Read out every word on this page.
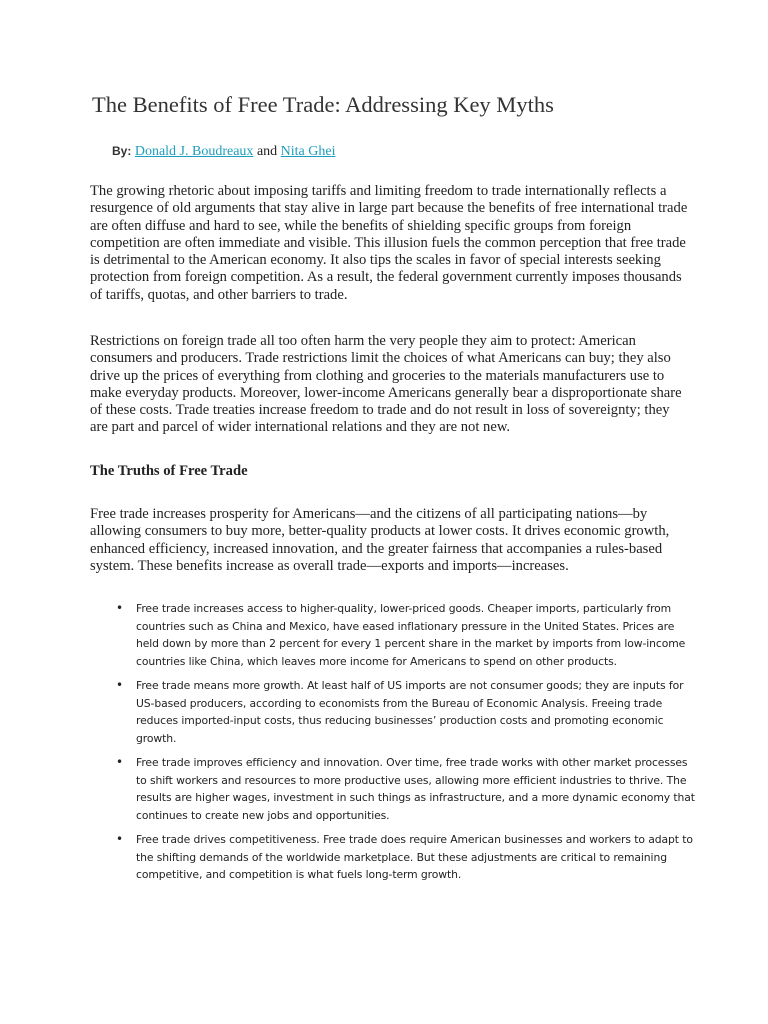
The Benefits of Free Trade: Addressing Key Myths
By: Donald J. Boudreaux and Nita Ghei

The growing rhetoric about imposing tariffs and limiting freedom to trade internationally reflects a resurgence of old arguments that stay alive in large part because the benefits of free international trade are often diffuse and hard to see, while the benefits of shielding specific groups from foreign competition are often immediate and visible. This illusion fuels the common perception that free trade is detrimental to the American economy. It also tips the scales in favor of special interests seeking protection from foreign competition. As a result, the federal government currently imposes thousands of tariffs, quotas, and other barriers to trade.

Restrictions on foreign trade all too often harm the very people they aim to protect: American consumers and producers. Trade restrictions limit the choices of what Americans can buy; they also drive up the prices of everything from clothing and groceries to the materials manufacturers use to make everyday products. Moreover, lower-income Americans generally bear a disproportionate share of these costs. Trade treaties increase freedom to trade and do not result in loss of sovereignty; they are part and parcel of wider international relations and they are not new.

The Truths of Free Trade

Free trade increases prosperity for Americans—and the citizens of all participating nations—by allowing consumers to buy more, better-quality products at lower costs. It drives economic growth, enhanced efficiency, increased innovation, and the greater fairness that accompanies a rules-based system. These benefits increase as overall trade—exports and imports—increases.

• Free trade increases access to higher-quality, lower-priced goods. Cheaper imports, particularly from countries such as China and Mexico, have eased inflationary pressure in the United States. Prices are held down by more than 2 percent for every 1 percent share in the market by imports from low-income countries like China, which leaves more income for Americans to spend on other products.
• Free trade means more growth. At least half of US imports are not consumer goods; they are inputs for US-based producers, according to economists from the Bureau of Economic Analysis. Freeing trade reduces imported-input costs, thus reducing businesses’ production costs and promoting economic growth.
• Free trade improves efficiency and innovation. Over time, free trade works with other market processes to shift workers and resources to more productive uses, allowing more efficient industries to thrive. The results are higher wages, investment in such things as infrastructure, and a more dynamic economy that continues to create new jobs and opportunities.
• Free trade drives competitiveness. Free trade does require American businesses and workers to adapt to the shifting demands of the worldwide marketplace. But these adjustments are critical to remaining competitive, and competition is what fuels long-term growth.
